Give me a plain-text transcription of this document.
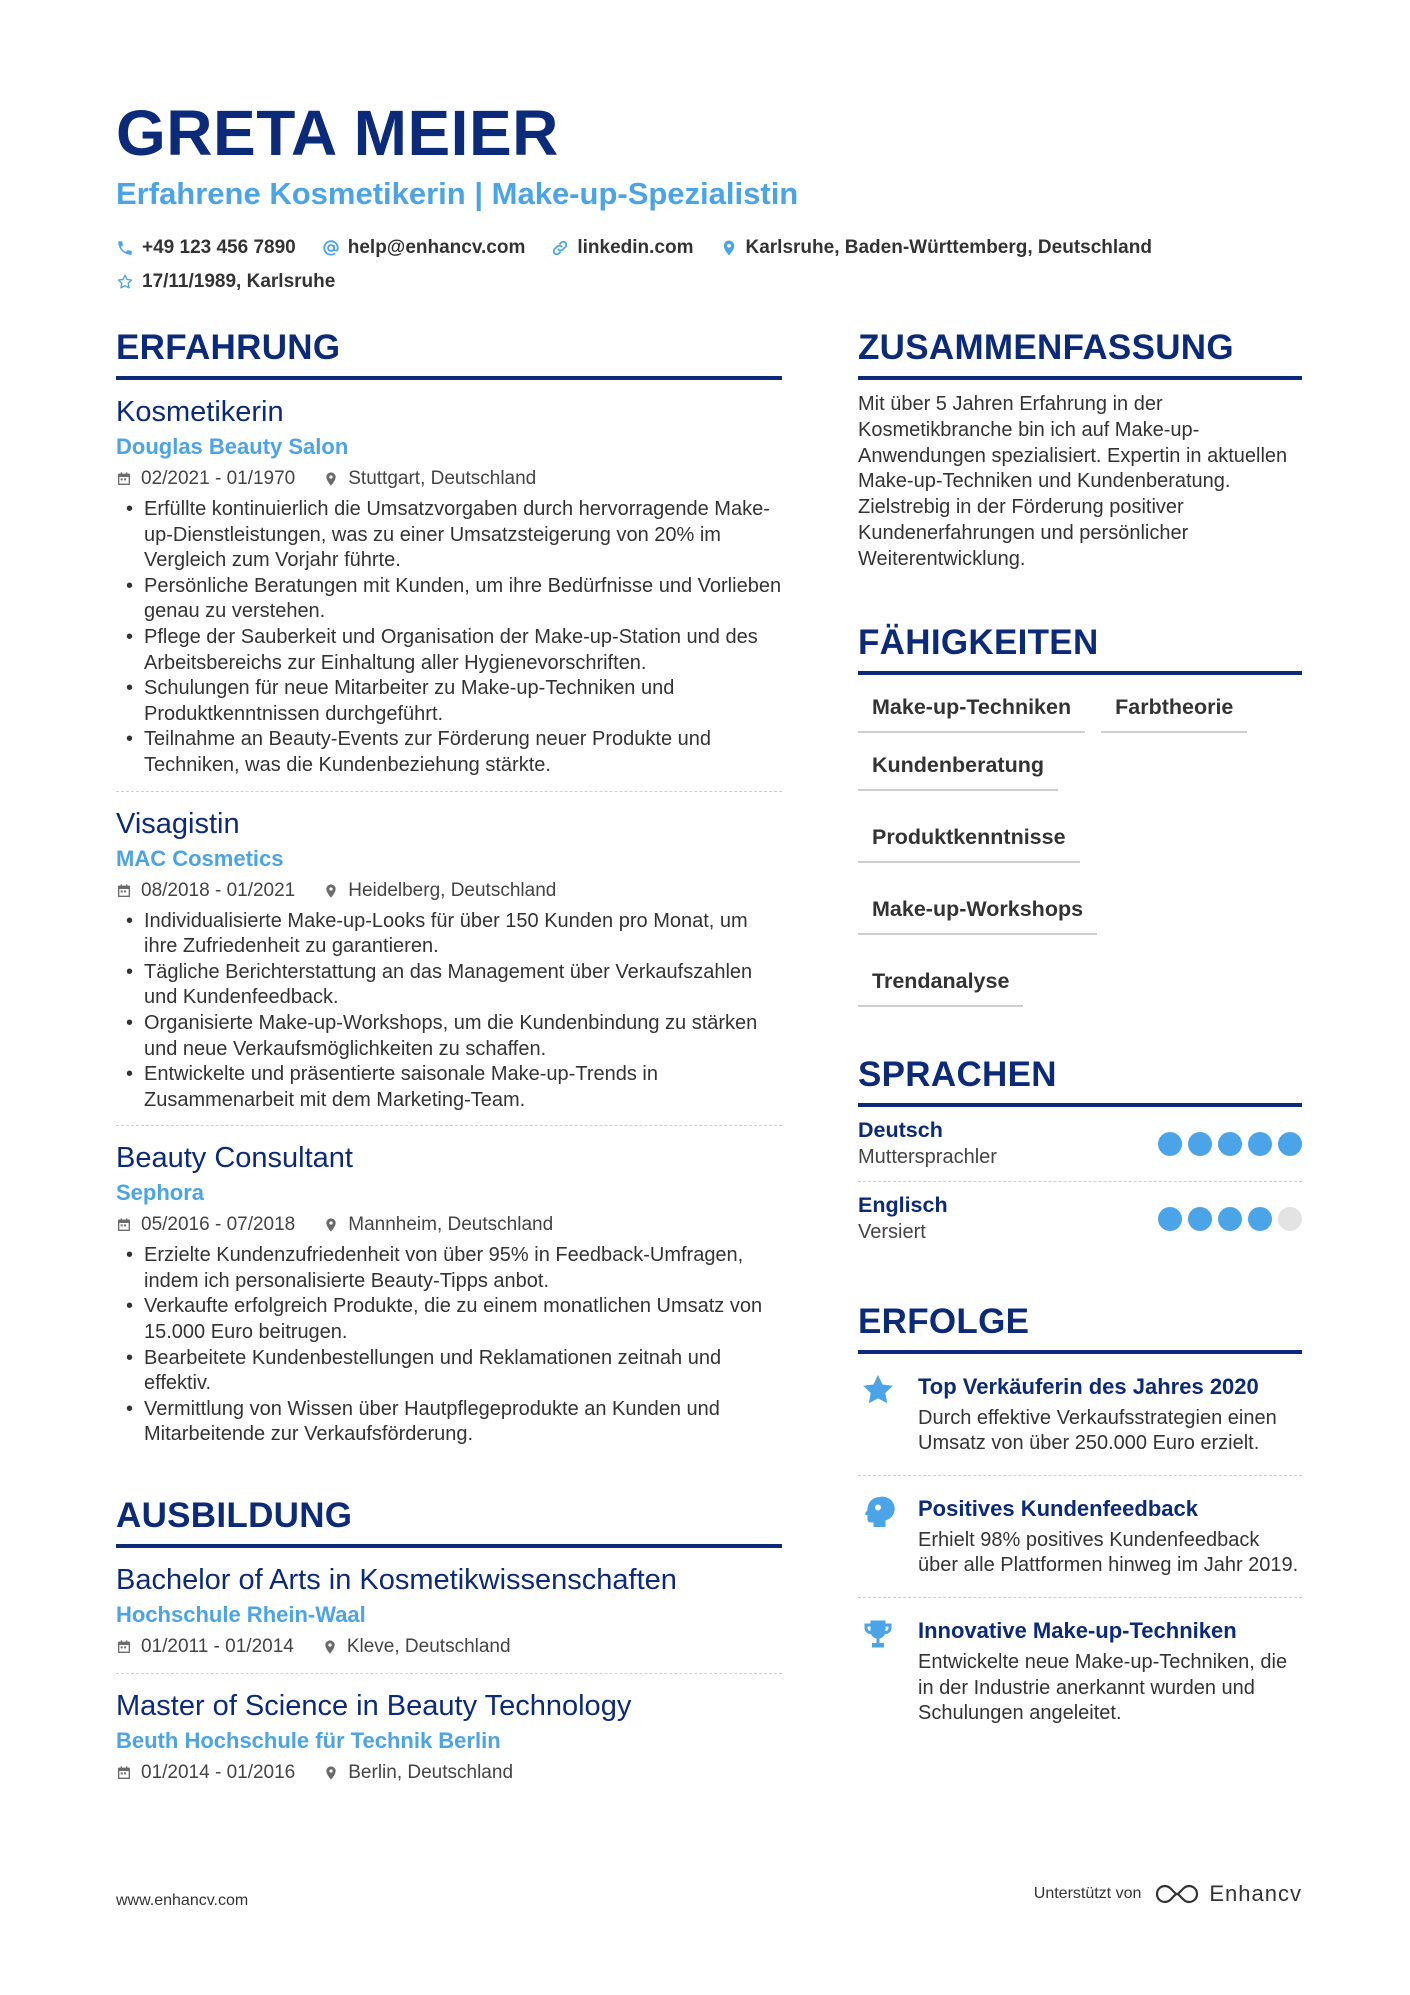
GRETA MEIER
Erfahrene Kosmetikerin | Make-up-Spezialistin
+49 123 456 7890	help@enhancv.com	linkedin.com	Karlsruhe, Baden-Württemberg, Deutschland
17/11/1989, Karlsruhe
ERFAHRUNG
Kosmetikerin
Douglas Beauty Salon
02/2021 - 01/1970	Stuttgart, Deutschland
• Erfüllte kontinuierlich die Umsatzvorgaben durch hervorragende Make-up-Dienstleistungen, was zu einer Umsatzsteigerung von 20% im Vergleich zum Vorjahr führte.
• Persönliche Beratungen mit Kunden, um ihre Bedürfnisse und Vorlieben genau zu verstehen.
• Pflege der Sauberkeit und Organisation der Make-up-Station und des Arbeitsbereichs zur Einhaltung aller Hygienevorschriften.
• Schulungen für neue Mitarbeiter zu Make-up-Techniken und Produktkenntnissen durchgeführt.
• Teilnahme an Beauty-Events zur Förderung neuer Produkte und Techniken, was die Kundenbeziehung stärkte.
Visagistin
MAC Cosmetics
08/2018 - 01/2021	Heidelberg, Deutschland
• Individualisierte Make-up-Looks für über 150 Kunden pro Monat, um ihre Zufriedenheit zu garantieren.
• Tägliche Berichterstattung an das Management über Verkaufszahlen und Kundenfeedback.
• Organisierte Make-up-Workshops, um die Kundenbindung zu stärken und neue Verkaufsmöglichkeiten zu schaffen.
• Entwickelte und präsentierte saisonale Make-up-Trends in Zusammenarbeit mit dem Marketing-Team.
Beauty Consultant
Sephora
05/2016 - 07/2018	Mannheim, Deutschland
• Erzielte Kundenzufriedenheit von über 95% in Feedback-Umfragen, indem ich personalisierte Beauty-Tipps anbot.
• Verkaufte erfolgreich Produkte, die zu einem monatlichen Umsatz von 15.000 Euro beitrugen.
• Bearbeitete Kundenbestellungen und Reklamationen zeitnah und effektiv.
• Vermittlung von Wissen über Hautpflegeprodukte an Kunden und Mitarbeitende zur Verkaufsförderung.
AUSBILDUNG
Bachelor of Arts in Kosmetikwissenschaften
Hochschule Rhein-Waal
01/2011 - 01/2014	Kleve, Deutschland
Master of Science in Beauty Technology
Beuth Hochschule für Technik Berlin
01/2014 - 01/2016	Berlin, Deutschland
ZUSAMMENFASSUNG
Mit über 5 Jahren Erfahrung in der Kosmetikbranche bin ich auf Make-up-Anwendungen spezialisiert. Expertin in aktuellen Make-up-Techniken und Kundenberatung. Zielstrebig in der Förderung positiver Kundenerfahrungen und persönlicher Weiterentwicklung.
FÄHIGKEITEN
Make-up-Techniken	Farbtheorie
Kundenberatung
Produktkenntnisse
Make-up-Workshops
Trendanalyse
SPRACHEN
Deutsch
Muttersprachler
Englisch
Versiert
ERFOLGE
Top Verkäuferin des Jahres 2020
Durch effektive Verkaufsstrategien einen Umsatz von über 250.000 Euro erzielt.
Positives Kundenfeedback
Erhielt 98% positives Kundenfeedback über alle Plattformen hinweg im Jahr 2019.
Innovative Make-up-Techniken
Entwickelte neue Make-up-Techniken, die in der Industrie anerkannt wurden und Schulungen angeleitet.
www.enhancv.com	Unterstützt von	Enhancv
